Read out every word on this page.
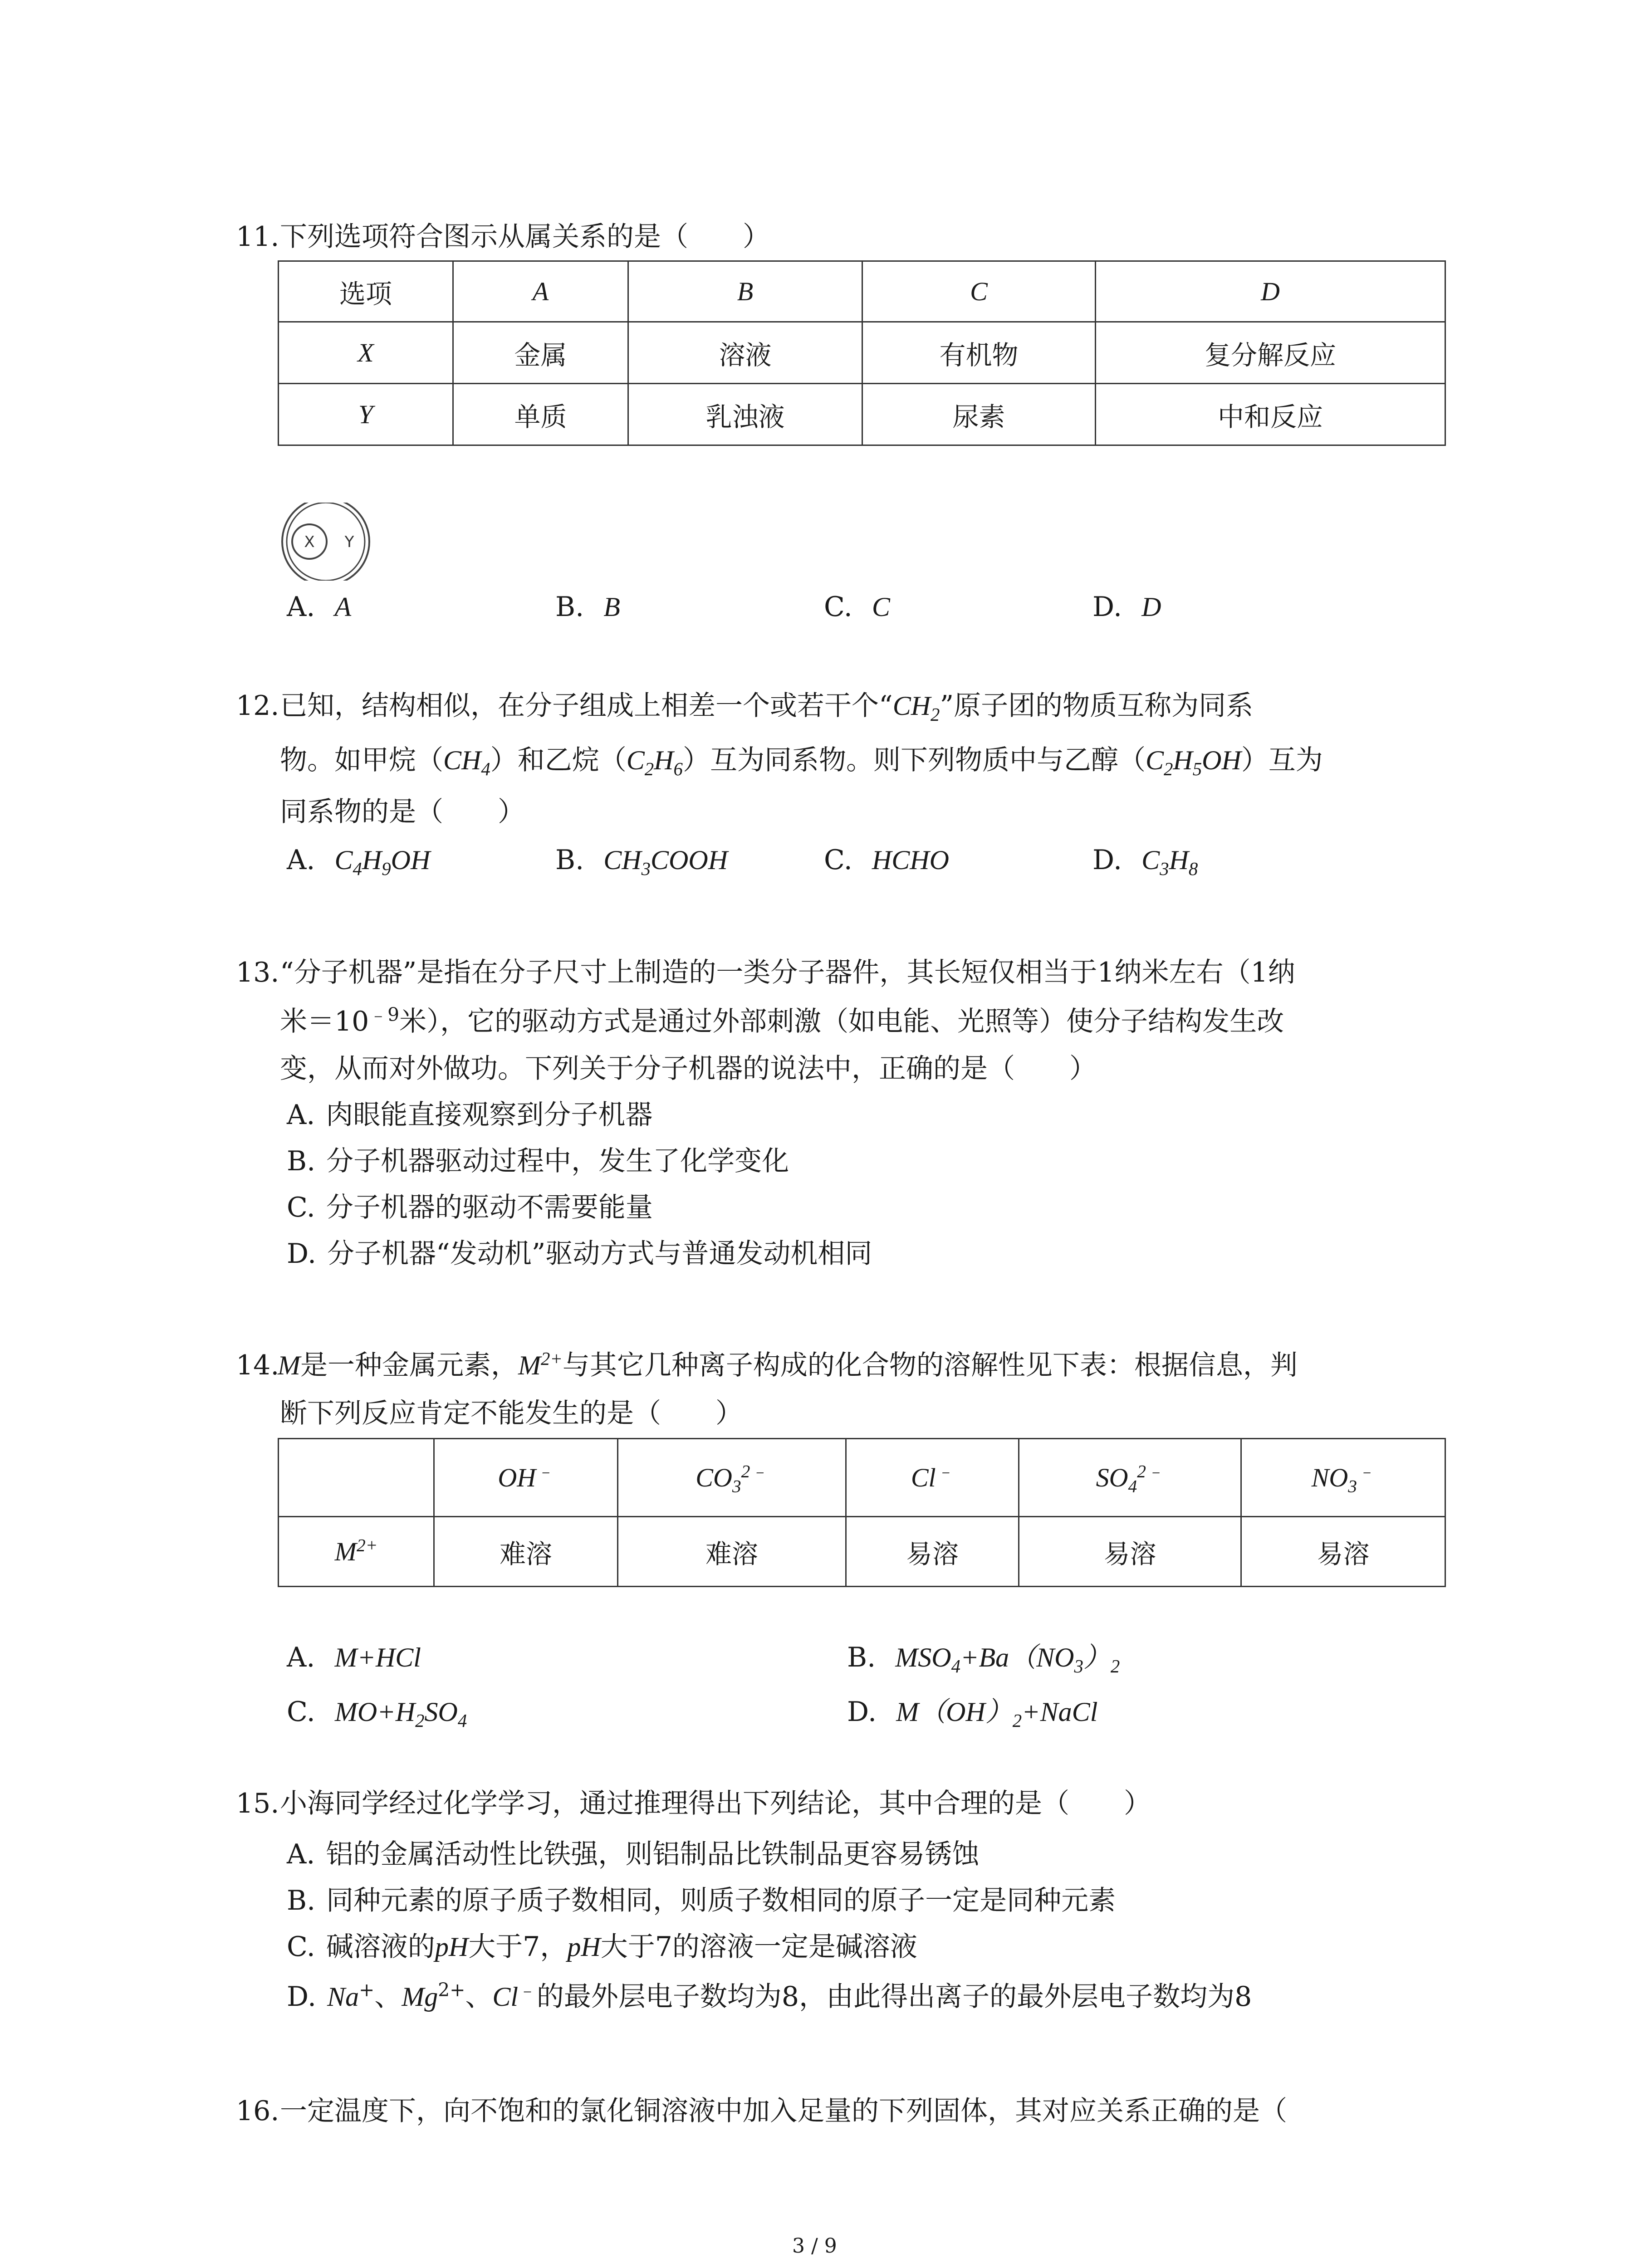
11. 下列选项符合图示从属关系的是（　　）
选项	A	B	C	D
X	金属	溶液	有机物	复分解反应
Y	单质	乳浊液	尿素	中和反应
X Y
A. A	B. B	C. C	D. D
12. 已知，结构相似，在分子组成上相差一个或若干个“$CH_2$”原子团的物质互称为同系
物。如甲烷$(CH_4)$和乙烷$(C_2H_6)$互为同系物。则下列物质中与乙醇$(C_2H_5OH)$互为
同系物的是（　　）
A. $C_4H_9OH$	B. $CH_3COOH$	C. HCHO	D. $C_3H_8$
13. “分子机器”是指在分子尺寸上制造的一类分子器件，其长短仅相当于1纳米左右（1纳
米$=10^{﹣9}$米），它的驱动方式是通过外部刺激（如电能、光照等）使分子结构发生改
变，从而对外做功。下列关于分子机器的说法中，正确的是（　　）
A. 肉眼能直接观察到分子机器
B. 分子机器驱动过程中，发生了化学变化
C. 分子机器的驱动不需要能量
D. 分子机器“发动机”驱动方式与普通发动机相同
14.
M是一种金属元素，$M^{2+}$与其它几种离子构成的化合物的溶解性见下表：根据信息，判
断下列反应肯定不能发生的是（　　）
	OH﹣	$CO_3^{2﹣}$	Cl﹣	$SO_4^{2﹣}$	$NO_3^﹣$
$M^{2+}$	难溶	难溶	易溶	易溶	易溶
A. M+HCl	B. $MSO_4+Ba(NO_3)_2$
C. $MO+H_2SO_4$	D. $M(OH)_2+NaCl$
15. 小海同学经过化学学习，通过推理得出下列结论，其中合理的是（　　）
A. 铝的金属活动性比铁强，则铝制品比铁制品更容易锈蚀
B. 同种元素的原子质子数相同，则质子数相同的原子一定是同种元素
C. 碱溶液的pH大于7，pH大于7的溶液一定是碱溶液
D. Na+、$Mg^{2+}$、Cl﹣的最外层电子数均为8，由此得出离子的最外层电子数均为8
16. 一定温度下，向不饱和的氯化铜溶液中加入足量的下列固体，其对应关系正确的是（
3 / 9
